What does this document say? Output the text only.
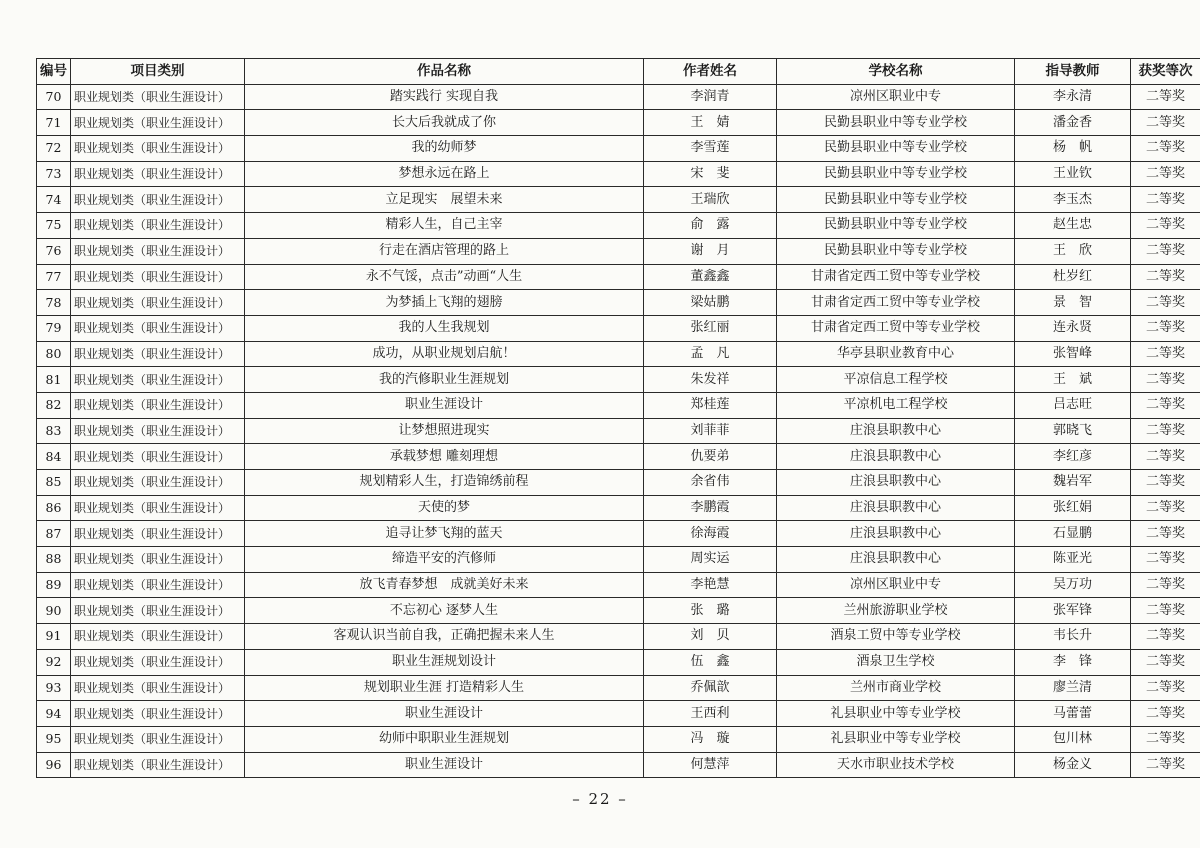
编号	项目类别	作品名称	作者姓名	学校名称	指导教师	获奖等次
70	职业规划类（职业生涯设计）	踏实践行 实现自我	李润青	凉州区职业中专	李永清	二等奖
71	职业规划类（职业生涯设计）	长大后我就成了你	王　婧	民勤县职业中等专业学校	潘金香	二等奖
72	职业规划类（职业生涯设计）	我的幼师梦	李雪莲	民勤县职业中等专业学校	杨　帆	二等奖
73	职业规划类（职业生涯设计）	梦想永远在路上	宋　斐	民勤县职业中等专业学校	王业钦	二等奖
74	职业规划类（职业生涯设计）	立足现实　展望未来	王瑞欣	民勤县职业中等专业学校	李玉杰	二等奖
75	职业规划类（职业生涯设计）	精彩人生，自己主宰	俞　露	民勤县职业中等专业学校	赵生忠	二等奖
76	职业规划类（职业生涯设计）	行走在酒店管理的路上	谢　月	民勤县职业中等专业学校	王　欣	二等奖
77	职业规划类（职业生涯设计）	永不气馁，点击”动画“人生	董鑫鑫	甘肃省定西工贸中等专业学校	杜岁红	二等奖
78	职业规划类（职业生涯设计）	为梦插上飞翔的翅膀	梁姑鹏	甘肃省定西工贸中等专业学校	景　智	二等奖
79	职业规划类（职业生涯设计）	我的人生我规划	张红丽	甘肃省定西工贸中等专业学校	连永贤	二等奖
80	职业规划类（职业生涯设计）	成功，从职业规划启航！	孟　凡	华亭县职业教育中心	张智峰	二等奖
81	职业规划类（职业生涯设计）	我的汽修职业生涯规划	朱发祥	平凉信息工程学校	王　斌	二等奖
82	职业规划类（职业生涯设计）	职业生涯设计	郑桂莲	平凉机电工程学校	吕志旺	二等奖
83	职业规划类（职业生涯设计）	让梦想照进现实	刘菲菲	庄浪县职教中心	郭晓飞	二等奖
84	职业规划类（职业生涯设计）	承载梦想 雕刻理想	仇要弟	庄浪县职教中心	李红彦	二等奖
85	职业规划类（职业生涯设计）	规划精彩人生，打造锦绣前程	余省伟	庄浪县职教中心	魏岩军	二等奖
86	职业规划类（职业生涯设计）	天使的梦	李鹏霞	庄浪县职教中心	张红娟	二等奖
87	职业规划类（职业生涯设计）	追寻让梦飞翔的蓝天	徐海霞	庄浪县职教中心	石显鹏	二等奖
88	职业规划类（职业生涯设计）	缔造平安的汽修师	周实运	庄浪县职教中心	陈亚光	二等奖
89	职业规划类（职业生涯设计）	放飞青春梦想　成就美好未来	李艳慧	凉州区职业中专	吴万功	二等奖
90	职业规划类（职业生涯设计）	不忘初心 逐梦人生	张　璐	兰州旅游职业学校	张军锋	二等奖
91	职业规划类（职业生涯设计）	客观认识当前自我，正确把握未来人生	刘　贝	酒泉工贸中等专业学校	韦长升	二等奖
92	职业规划类（职业生涯设计）	职业生涯规划设计	伍　鑫	酒泉卫生学校	李　锋	二等奖
93	职业规划类（职业生涯设计）	规划职业生涯 打造精彩人生	乔佩歆	兰州市商业学校	廖兰清	二等奖
94	职业规划类（职业生涯设计）	职业生涯设计	王西利	礼县职业中等专业学校	马蕾蕾	二等奖
95	职业规划类（职业生涯设计）	幼师中职职业生涯规划	冯　璇	礼县职业中等专业学校	包川林	二等奖
96	职业规划类（职业生涯设计）	职业生涯设计	何慧萍	天水市职业技术学校	杨金义	二等奖
– 22 –
